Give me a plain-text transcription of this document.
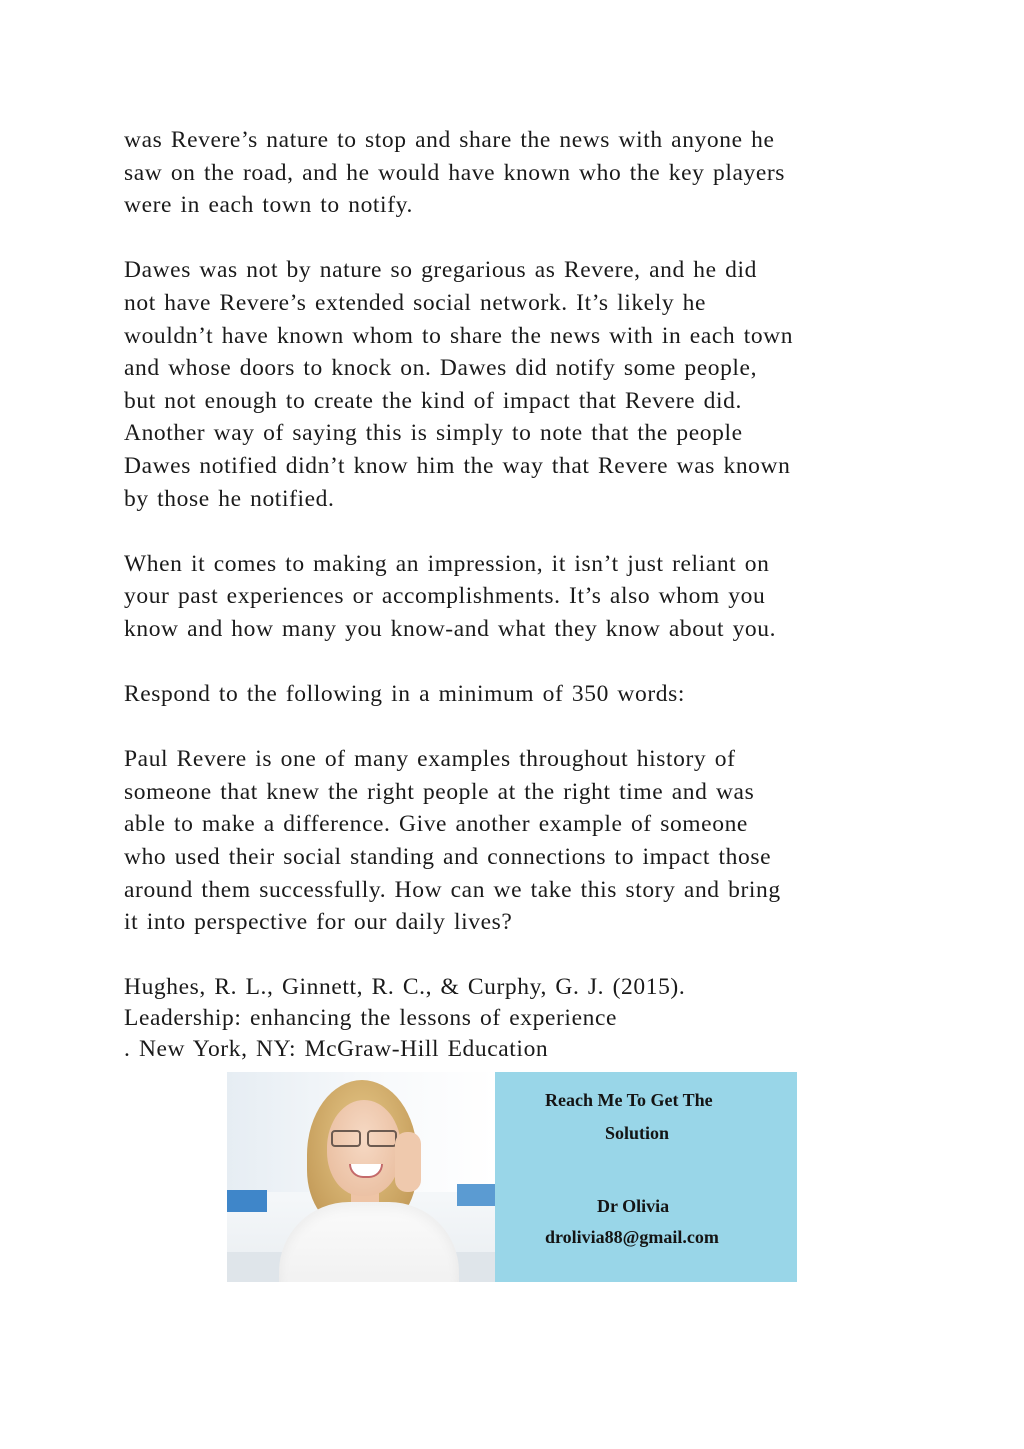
was Revere’s nature to stop and share the news with anyone he
saw on the road, and he would have known who the key players
were in each town to notify.

Dawes was not by nature so gregarious as Revere, and he did
not have Revere’s extended social network. It’s likely he
wouldn’t have known whom to share the news with in each town
and whose doors to knock on. Dawes did notify some people,
but not enough to create the kind of impact that Revere did.
Another way of saying this is simply to note that the people
Dawes notified didn’t know him the way that Revere was known
by those he notified.

When it comes to making an impression, it isn’t just reliant on
your past experiences or accomplishments. It’s also whom you
know and how many you know-and what they know about you.

Respond to the following in a minimum of 350 words:

Paul Revere is one of many examples throughout history of
someone that knew the right people at the right time and was
able to make a difference. Give another example of someone
who used their social standing and connections to impact those
around them successfully. How can we take this story and bring
it into perspective for our daily lives?

Hughes, R. L., Ginnett, R. C., & Curphy, G. J. (2015).
Leadership: enhancing the lessons of experience
. New York, NY: McGraw-Hill Education

Reach Me To Get The
Solution
Dr Olivia
drolivia88@gmail.com
